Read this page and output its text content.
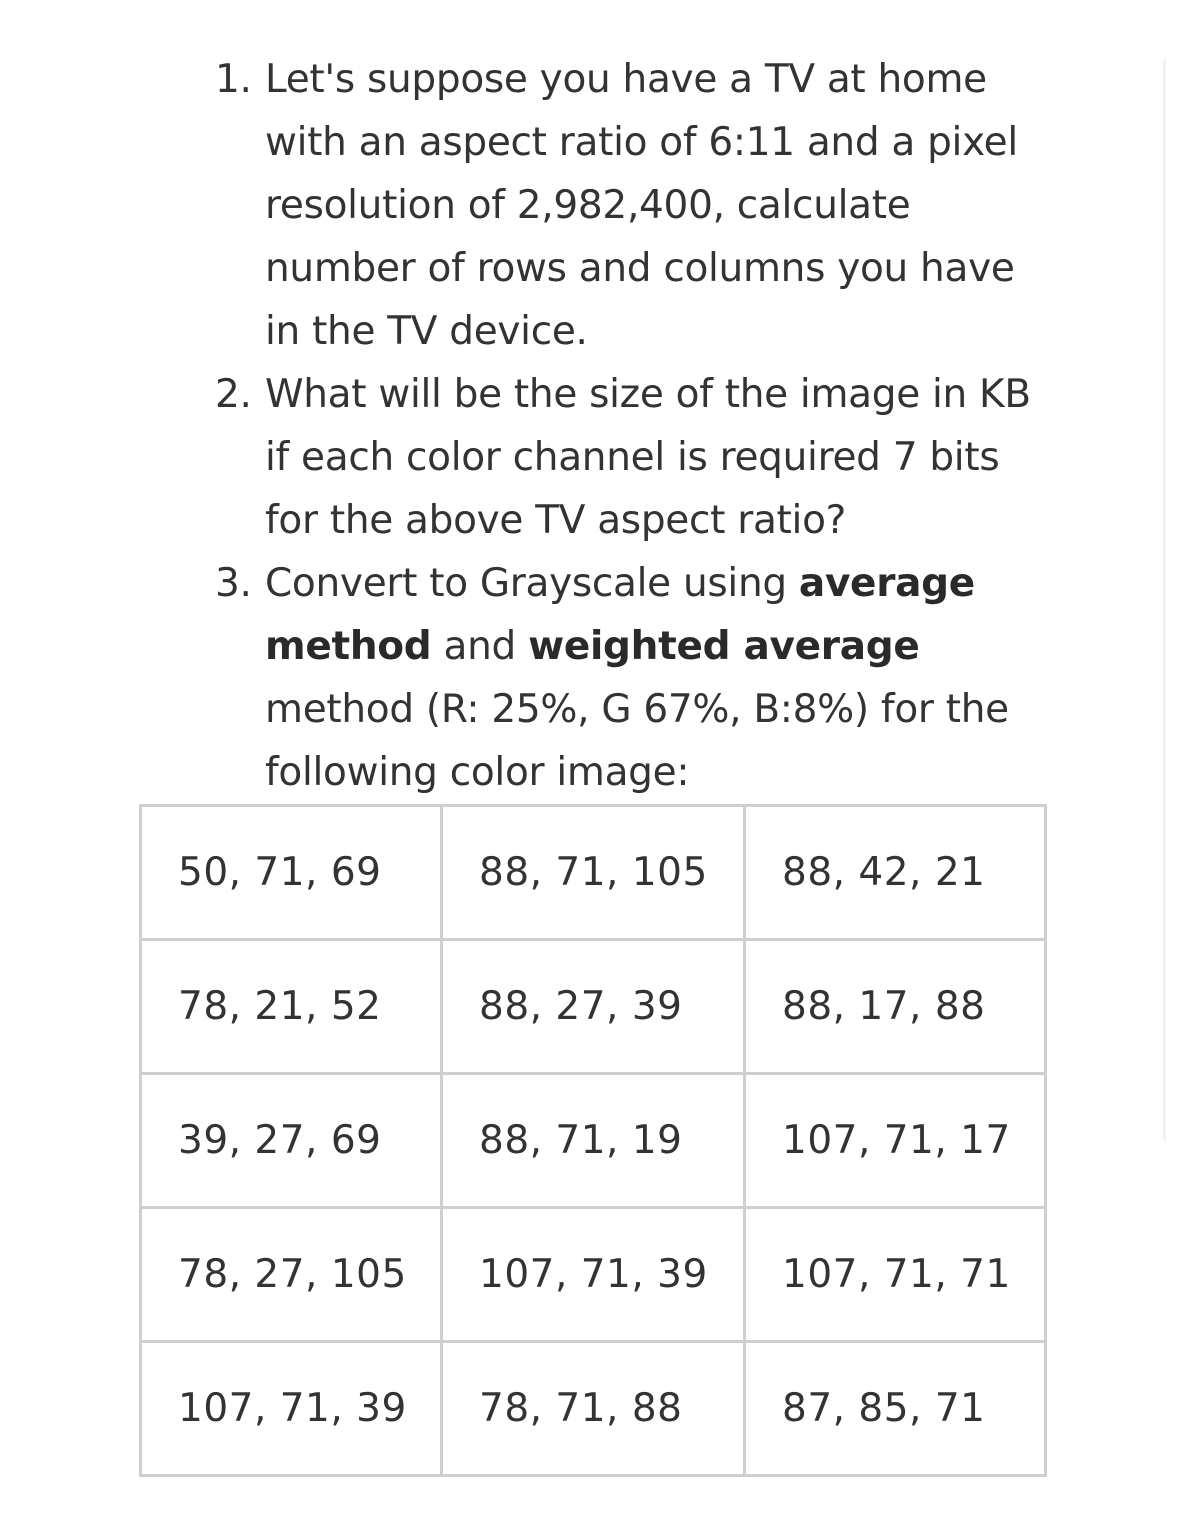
1. Let's suppose you have a TV at home with an aspect ratio of 6:11 and a pixel resolution of 2,982,400, calculate number of rows and columns you have in the TV device.
2. What will be the size of the image in KB if each color channel is required 7 bits for the above TV aspect ratio?
3. Convert to Grayscale using average method and weighted average method (R: 25%, G 67%, B:8%) for the following color image:
50, 71, 69	88, 71, 105	88, 42, 21
78, 21, 52	88, 27, 39	88, 17, 88
39, 27, 69	88, 71, 19	107, 71, 17
78, 27, 105	107, 71, 39	107, 71, 71
107, 71, 39	78, 71, 88	87, 85, 71
